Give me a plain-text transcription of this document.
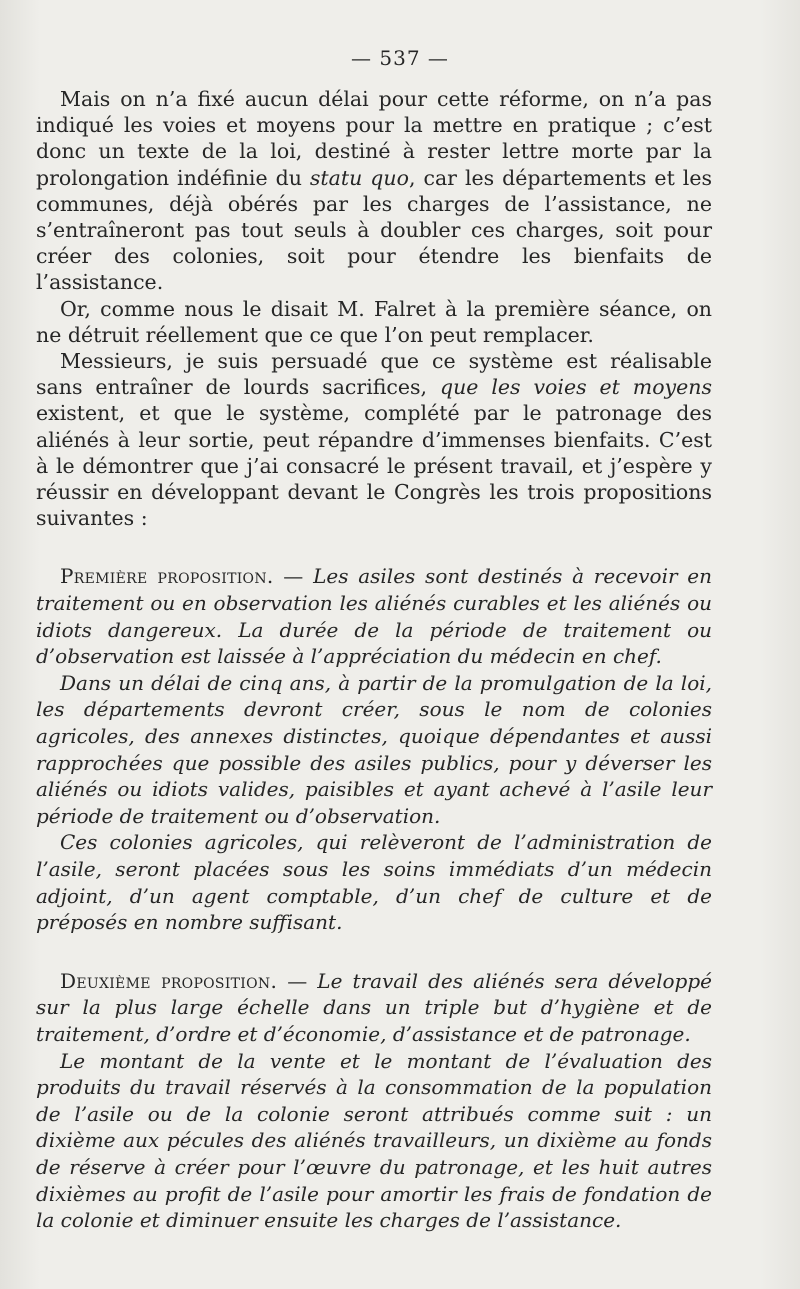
— 537 —

Mais on n’a fixé aucun délai pour cette réforme, on n’a pas indiqué les voies et moyens pour la mettre en pratique ; c’est donc un texte de la loi, destiné à rester lettre morte par la prolongation indéfinie du statu quo, car les départements et les communes, déjà obérés par les charges de l’assistance, ne s’entraîneront pas tout seuls à doubler ces charges, soit pour créer des colonies, soit pour étendre les bienfaits de l’assistance.

Or, comme nous le disait M. Falret à la première séance, on ne détruit réellement que ce que l’on peut remplacer.

Messieurs, je suis persuadé que ce système est réalisable sans entraîner de lourds sacrifices, que les voies et moyens existent, et que le système, complété par le patronage des aliénés à leur sortie, peut répandre d’immenses bienfaits. C’est à le démontrer que j’ai consacré le présent travail, et j’espère y réussir en développant devant le Congrès les trois propositions suivantes :

Première proposition. — Les asiles sont destinés à recevoir en traitement ou en observation les aliénés curables et les aliénés ou idiots dangereux. La durée de la période de traitement ou d’observation est laissée à l’appréciation du médecin en chef.

Dans un délai de cinq ans, à partir de la promulgation de la loi, les départements devront créer, sous le nom de colonies agricoles, des annexes distinctes, quoique dépendantes et aussi rapprochées que possible des asiles publics, pour y déverser les aliénés ou idiots valides, paisibles et ayant achevé à l’asile leur période de traitement ou d’observation.

Ces colonies agricoles, qui relèveront de l’administration de l’asile, seront placées sous les soins immédiats d’un médecin adjoint, d’un agent comptable, d’un chef de culture et de préposés en nombre suffisant.

Deuxième proposition. — Le travail des aliénés sera développé sur la plus large échelle dans un triple but d’hygiène et de traitement, d’ordre et d’économie, d’assistance et de patronage.

Le montant de la vente et le montant de l’évaluation des produits du travail réservés à la consommation de la population de l’asile ou de la colonie seront attribués comme suit : un dixième aux pécules des aliénés travailleurs, un dixième au fonds de réserve à créer pour l’œuvre du patronage, et les huit autres dixièmes au profit de l’asile pour amortir les frais de fondation de la colonie et diminuer ensuite les charges de l’assistance.
